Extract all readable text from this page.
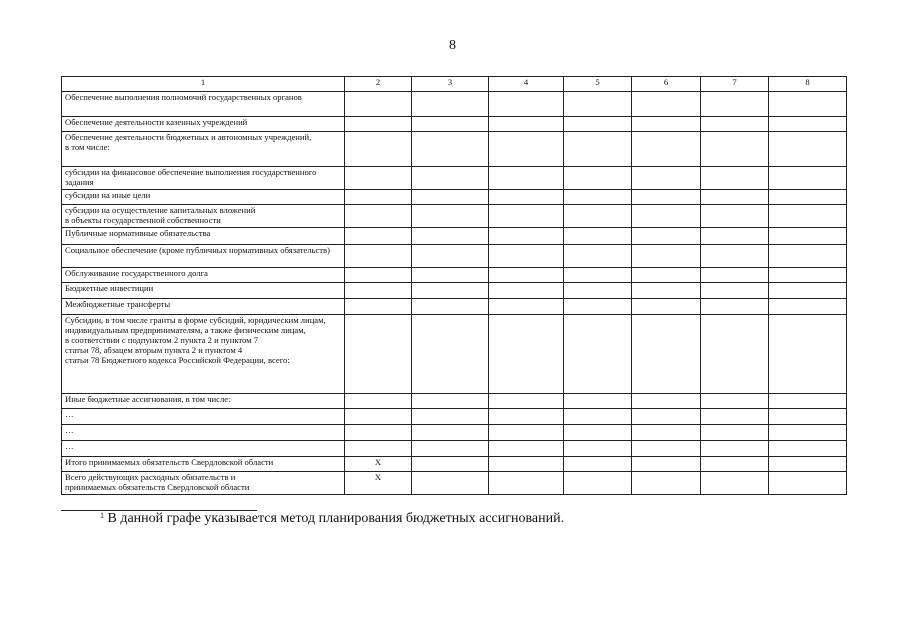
8
1	2	3	4	5	6	7	8
Обеспечение выполнения полномочий государственных органов							
Обеспечение деятельности казенных учреждений							
Обеспечение деятельности бюджетных и автономных учреждений,
в том числе:							
субсидии на финансовое обеспечение выполнения государственного задания							
субсидии на иные цели							
субсидии на осуществление капитальных вложений
в объекты государственной собственности							
Публичные нормативные обязательства							
Социальное обеспечение (кроме публичных нормативных обязательств)							
Обслуживание государственного долга							
Бюджетные инвестиции							
Межбюджетные трансферты							
Субсидии, в том числе гранты в форме субсидий, юридическим лицам, индивидуальным предпринимателям, а также физическим лицам,
в соответствии с подпунктом 2 пункта 2 и пунктом 7
статьи 78, абзацем вторым пункта 2 и пунктом 4
статьи 78 Бюджетного кодекса Российской Федерации, всего:							
Иные бюджетные ассигнования, в том числе:							
…							
…							
…							
Итого принимаемых обязательств Свердловской области	Х						
Всего действующих расходных обязательств и
принимаемых обязательств Свердловской области	Х						
$^1$ В данной графе указывается метод планирования бюджетных ассигнований.
